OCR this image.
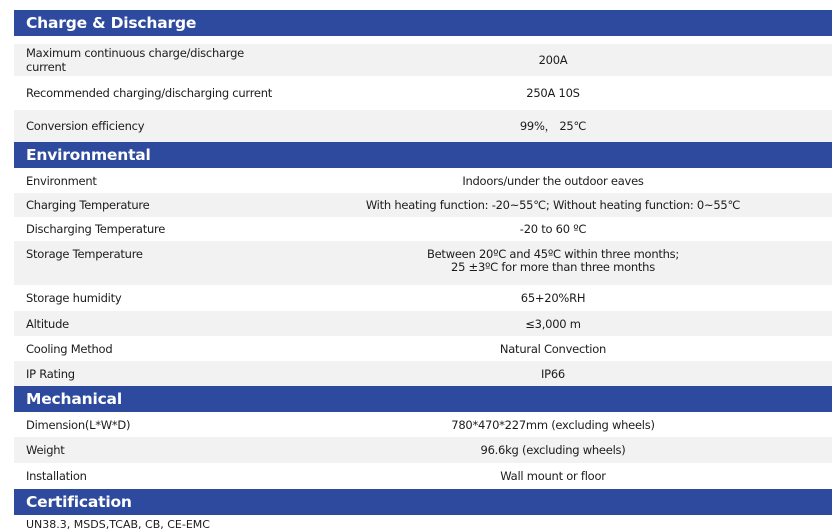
Charge & Discharge
Maximum continuous charge/discharge current	200A
Recommended charging/discharging current	250A 10S
Conversion efficiency	99%， 25℃
Environmental
Environment	Indoors/under the outdoor eaves
Charging Temperature	With heating function: -20~55℃; Without heating function: 0~55℃
Discharging Temperature	-20 to 60 ºC
Storage Temperature	Between 20ºC and 45ºC within three months;
25 ±3ºC for more than three months
Storage humidity	65+20%RH
Altitude	≤3,000 m
Cooling Method	Natural Convection
IP Rating	IP66
Mechanical
Dimension(L*W*D)	780*470*227mm (excluding wheels)
Weight	96.6kg (excluding wheels)
Installation	Wall mount or floor
Certification
UN38.3, MSDS,TCAB, CB, CE-EMC
